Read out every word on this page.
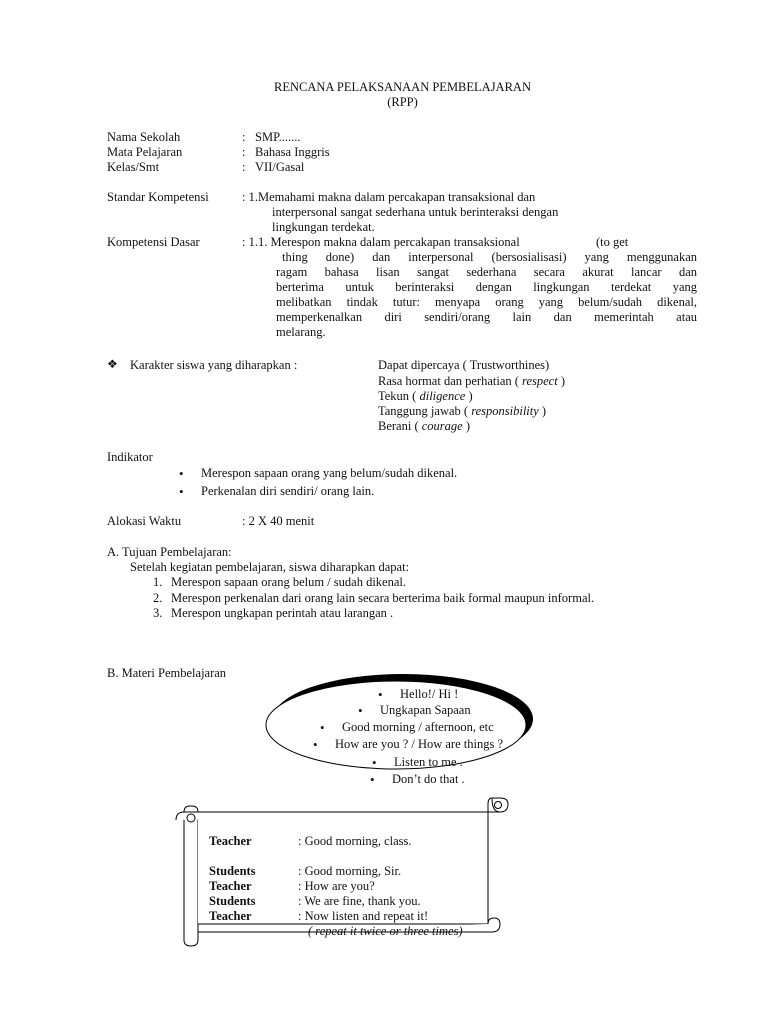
RENCANA PELAKSANAAN PEMBELAJARAN
(RPP)
Nama Sekolah	: SMP.......
Mata Pelajaran	: Bahasa Inggris
Kelas/Smt	: VII/Gasal
Standar Kompetensi	: 1.Memahami makna dalam percakapan transaksional dan
interpersonal sangat sederhana untuk berinteraksi dengan
lingkungan terdekat.
Kompetensi Dasar	: 1.1. Merespon makna dalam percakapan transaksional	(to get
thing done) dan interpersonal (bersosialisasi) yang menggunakan
ragam bahasa lisan sangat sederhana secara akurat lancar dan
berterima untuk berinteraksi dengan lingkungan terdekat yang
melibatkan tindak tutur: menyapa orang yang belum/sudah dikenal,
memperkenalkan diri sendiri/orang lain dan memerintah atau
melarang.
❖ Karakter siswa yang diharapkan :	Dapat dipercaya ( Trustworthines)
Rasa hormat dan perhatian ( respect )
Tekun ( diligence )
Tanggung jawab ( responsibility )
Berani ( courage )
Indikator
• Merespon sapaan orang yang belum/sudah dikenal.
• Perkenalan diri sendiri/ orang lain.
Alokasi Waktu	: 2 X 40 menit
A. Tujuan Pembelajaran:
Setelah kegiatan pembelajaran, siswa diharapkan dapat:
1. Merespon sapaan orang belum / sudah dikenal.
2. Merespon perkenalan dari orang lain secara berterima baik formal maupun informal.
3. Merespon ungkapan perintah atau larangan .
B. Materi Pembelajaran
• Hello!/ Hi !
• Ungkapan Sapaan
• Good morning / afternoon, etc
• How are you ? / How are things ?
• Listen to me .
• Don’t do that .
Teacher	: Good morning, class.
Students	: Good morning, Sir.
Teacher	: How are you?
Students	: We are fine, thank you.
Teacher	: Now listen and repeat it!
( repeat it twice or three times)
